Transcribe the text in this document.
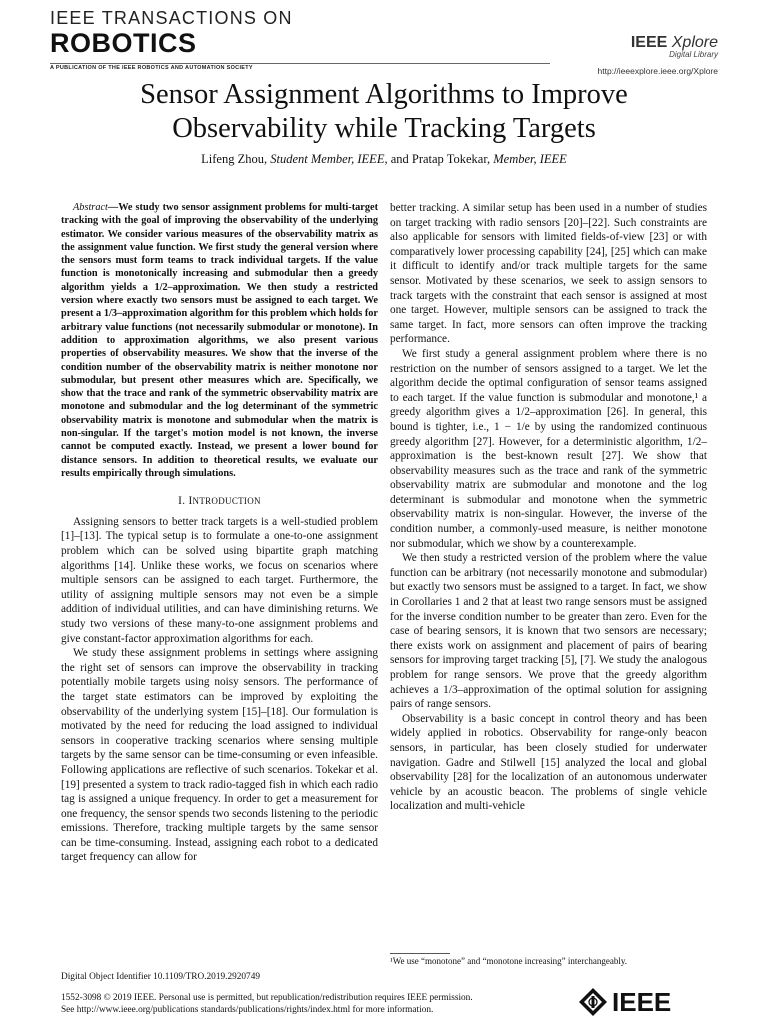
IEEE TRANSACTIONS ON
ROBOTICS
A PUBLICATION OF THE IEEE ROBOTICS AND AUTOMATION SOCIETY
IEEE Xplore
Digital Library
http://ieeexplore.ieee.org/Xplore
Sensor Assignment Algorithms to Improve Observability while Tracking Targets
Lifeng Zhou, Student Member, IEEE, and Pratap Tokekar, Member, IEEE

Abstract—We study two sensor assignment problems for multi-target tracking with the goal of improving the observability of the underlying estimator. We consider various measures of the observability matrix as the assignment value function. We first study the general version where the sensors must form teams to track individual targets. If the value function is monotonically increasing and submodular then a greedy algorithm yields a 1/2–approximation. We then study a restricted version where exactly two sensors must be assigned to each target. We present a 1/3–approximation algorithm for this problem which holds for arbitrary value functions (not necessarily submodular or monotone). In addition to approximation algorithms, we also present various properties of observability measures. We show that the inverse of the condition number of the observability matrix is neither monotone nor submodular, but present other measures which are. Specifically, we show that the trace and rank of the symmetric observability matrix are monotone and submodular and the log determinant of the symmetric observability matrix is monotone and submodular when the matrix is non-singular. If the target's motion model is not known, the inverse cannot be computed exactly. Instead, we present a lower bound for distance sensors. In addition to theoretical results, we evaluate our results empirically through simulations.

I. INTRODUCTION

Assigning sensors to better track targets is a well-studied problem [1]–[13]. The typical setup is to formulate a one-to-one assignment problem which can be solved using bipartite graph matching algorithms [14]. Unlike these works, we focus on scenarios where multiple sensors can be assigned to each target. Furthermore, the utility of assigning multiple sensors may not even be a simple addition of individual utilities, and can have diminishing returns. We study two versions of these many-to-one assignment problems and give constant-factor approximation algorithms for each.

We study these assignment problems in settings where assigning the right set of sensors can improve the observability in tracking potentially mobile targets using noisy sensors. The performance of the target state estimators can be improved by exploiting the observability of the underlying system [15]–[18]. Our formulation is motivated by the need for reducing the load assigned to individual sensors in cooperative tracking scenarios where sensing multiple targets by the same sensor can be time-consuming or even infeasible. Following applications are reflective of such scenarios. Tokekar et al. [19] presented a system to track radio-tagged fish in which each radio tag is assigned a unique frequency. In order to get a measurement for one frequency, the sensor spends two seconds listening to the periodic emissions. Therefore, tracking multiple targets by the same sensor can be time-consuming. Instead, assigning each robot to a dedicated target frequency can allow for

better tracking. A similar setup has been used in a number of studies on target tracking with radio sensors [20]–[22]. Such constraints are also applicable for sensors with limited fields-of-view [23] or with comparatively lower processing capability [24], [25] which can make it difficult to identify and/or track multiple targets for the same sensor. Motivated by these scenarios, we seek to assign sensors to track targets with the constraint that each sensor is assigned at most one target. However, multiple sensors can be assigned to track the same target. In fact, more sensors can often improve the tracking performance.

We first study a general assignment problem where there is no restriction on the number of sensors assigned to a target. We let the algorithm decide the optimal configuration of sensor teams assigned to each target. If the value function is submodular and monotone,¹ a greedy algorithm gives a 1/2–approximation [26]. In general, this bound is tighter, i.e., 1 − 1/e by using the randomized continuous greedy algorithm [27]. However, for a deterministic algorithm, 1/2–approximation is the best-known result [27]. We show that observability measures such as the trace and rank of the symmetric observability matrix are submodular and monotone and the log determinant is submodular and monotone when the symmetric observability matrix is non-singular. However, the inverse of the condition number, a commonly-used measure, is neither monotone nor submodular, which we show by a counterexample.

We then study a restricted version of the problem where the value function can be arbitrary (not necessarily monotone and submodular) but exactly two sensors must be assigned to a target. In fact, we show in Corollaries 1 and 2 that at least two range sensors must be assigned for the inverse condition number to be greater than zero. Even for the case of bearing sensors, it is known that two sensors are necessary; there exists work on assignment and placement of pairs of bearing sensors for improving target tracking [5], [7]. We study the analogous problem for range sensors. We prove that the greedy algorithm achieves a 1/3–approximation of the optimal solution for assigning pairs of range sensors.

Observability is a basic concept in control theory and has been widely applied in robotics. Observability for range-only beacon sensors, in particular, has been closely studied for underwater navigation. Gadre and Stilwell [15] analyzed the local and global observability [28] for the localization of an autonomous underwater vehicle by an acoustic beacon. The problems of single vehicle localization and multi-vehicle

¹We use “monotone” and “monotone increasing” interchangeably.
Digital Object Identifier 10.1109/TRO.2019.2920749
1552-3098 © 2019 IEEE. Personal use is permitted, but republication/redistribution requires IEEE permission.
See http://www.ieee.org/publications standards/publications/rights/index.html for more information.	IEEE
